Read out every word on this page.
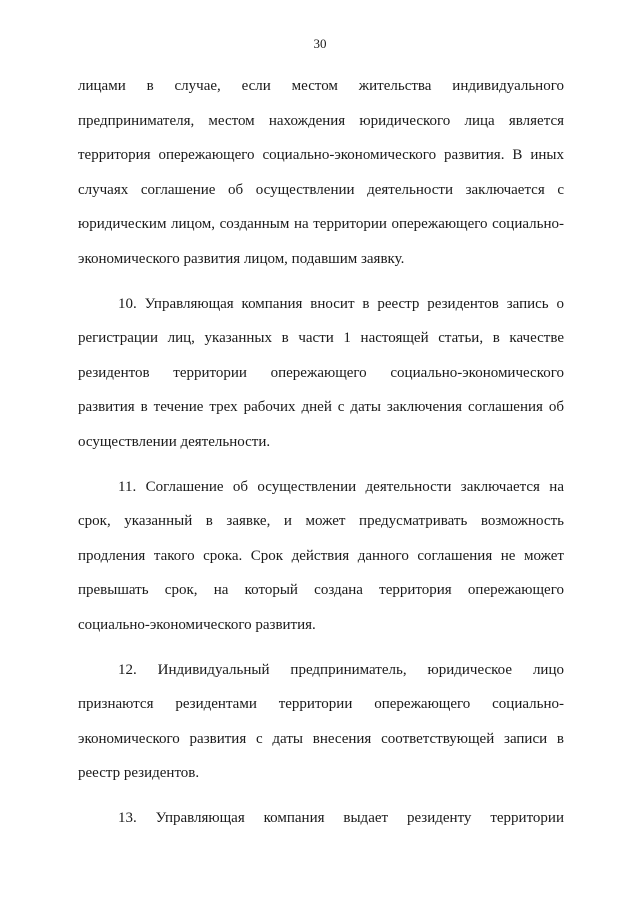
30
лицами в случае, если местом жительства индивидуального
предпринимателя, местом нахождения юридического лица является
территория опережающего социально-экономического развития. В иных
случаях соглашение об осуществлении деятельности заключается с
юридическим лицом, созданным на территории опережающего социально-
экономического развития лицом, подавшим заявку.
10. Управляющая компания вносит в реестр резидентов запись о
регистрации лиц, указанных в части 1 настоящей статьи, в качестве
резидентов территории опережающего социально-экономического
развития в течение трех рабочих дней с даты заключения соглашения об
осуществлении деятельности.
11. Соглашение об осуществлении деятельности заключается на
срок, указанный в заявке, и может предусматривать возможность
продления такого срока. Срок действия данного соглашения не может
превышать срок, на который создана территория опережающего
социально-экономического развития.
12. Индивидуальный предприниматель, юридическое лицо
признаются резидентами территории опережающего социально-
экономического развития с даты внесения соответствующей записи в
реестр резидентов.
13. Управляющая компания выдает резиденту территории
